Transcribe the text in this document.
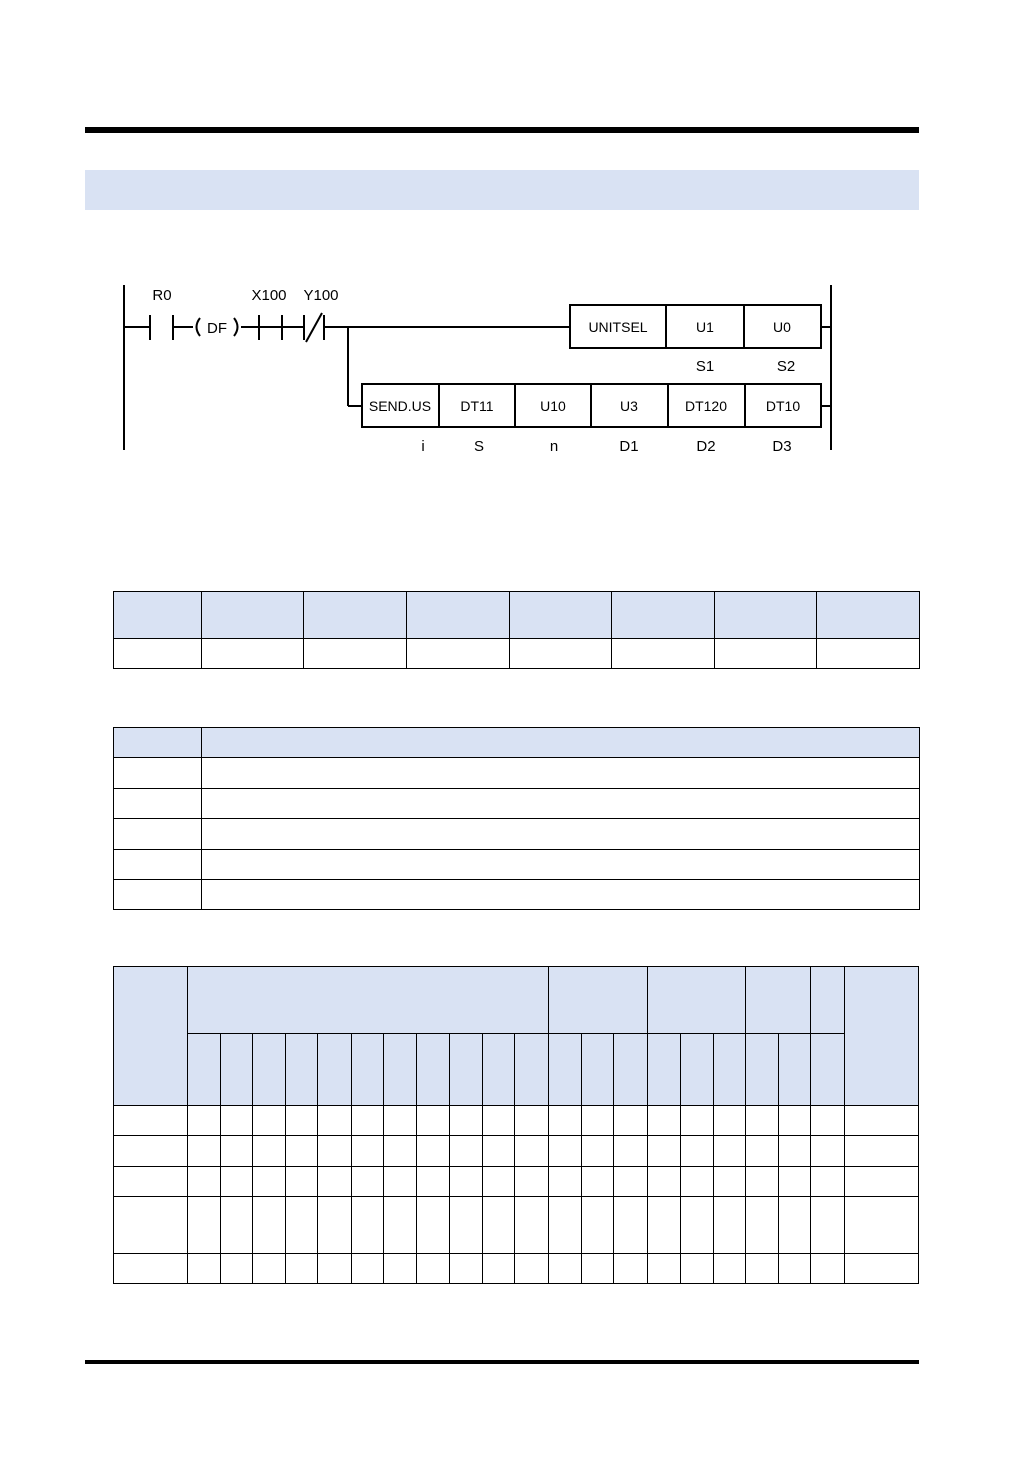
R0	X100 Y100
DF	UNITSEL	U1	U0
S1	S2
SEND.US DT11	U10	U3	DT120	DT10
i	S	n	D1	D2	D3
